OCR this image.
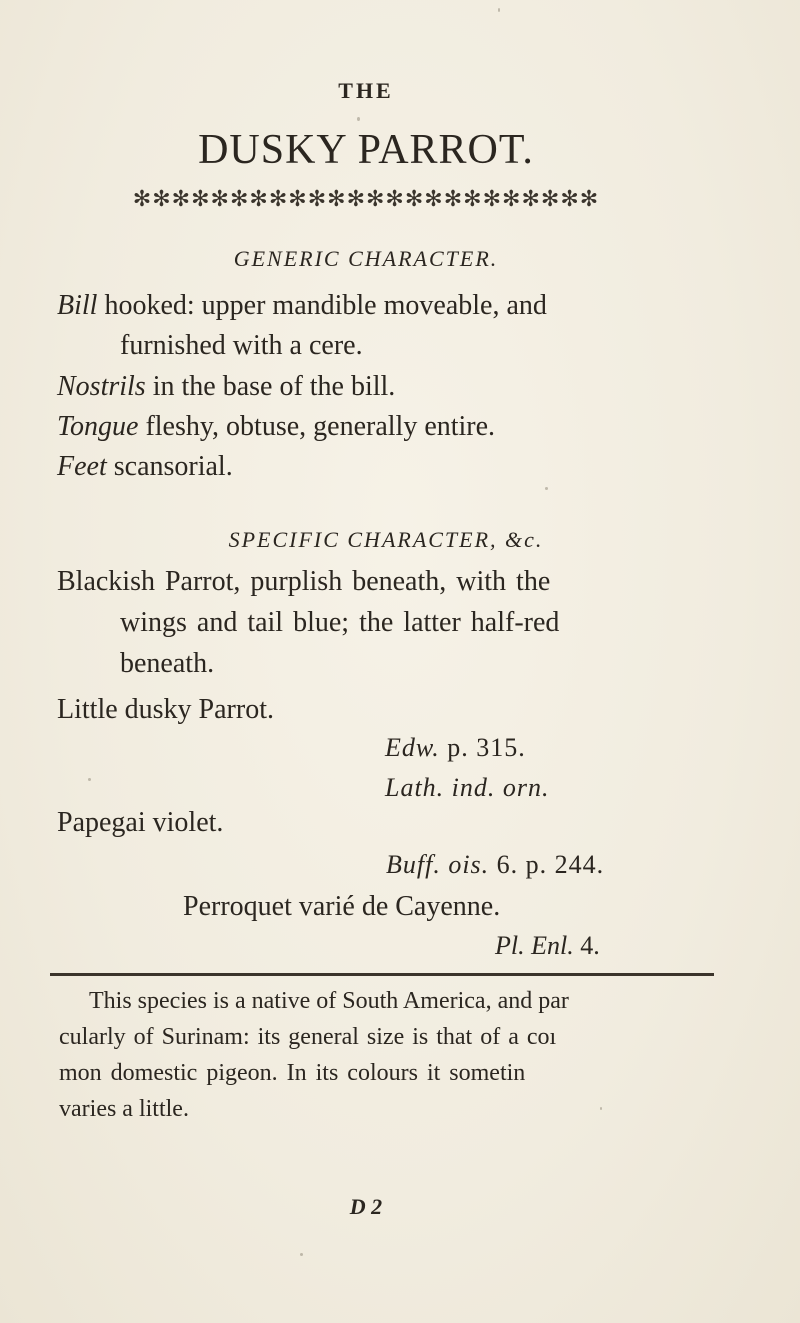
THE
DUSKY PARROT.
✻✻✻✻✻✻✻✻✻✻✻✻✻✻✻✻✻✻✻✻✻✻✻✻
GENERIC CHARACTER.
Bill hooked: upper mandible moveable, and
furnished with a cere.
Nostrils in the base of the bill.
Tongue fleshy, obtuse, generally entire.
Feet scansorial.
SPECIFIC CHARACTER, &c.
Blackish Parrot, purplish beneath, with the
wings and tail blue; the latter half-red
beneath.
Little dusky Parrot.
Edw. p. 315.
Lath. ind. orn.
Papegai violet.
Buff. ois. 6. p. 244.
Perroquet varié de Cayenne.
Pl. Enl. 4.
This species is a native of South America, and par
cularly of Surinam: its general size is that of a coı
mon domestic pigeon. In its colours it sometin
varies a little.
D 2
